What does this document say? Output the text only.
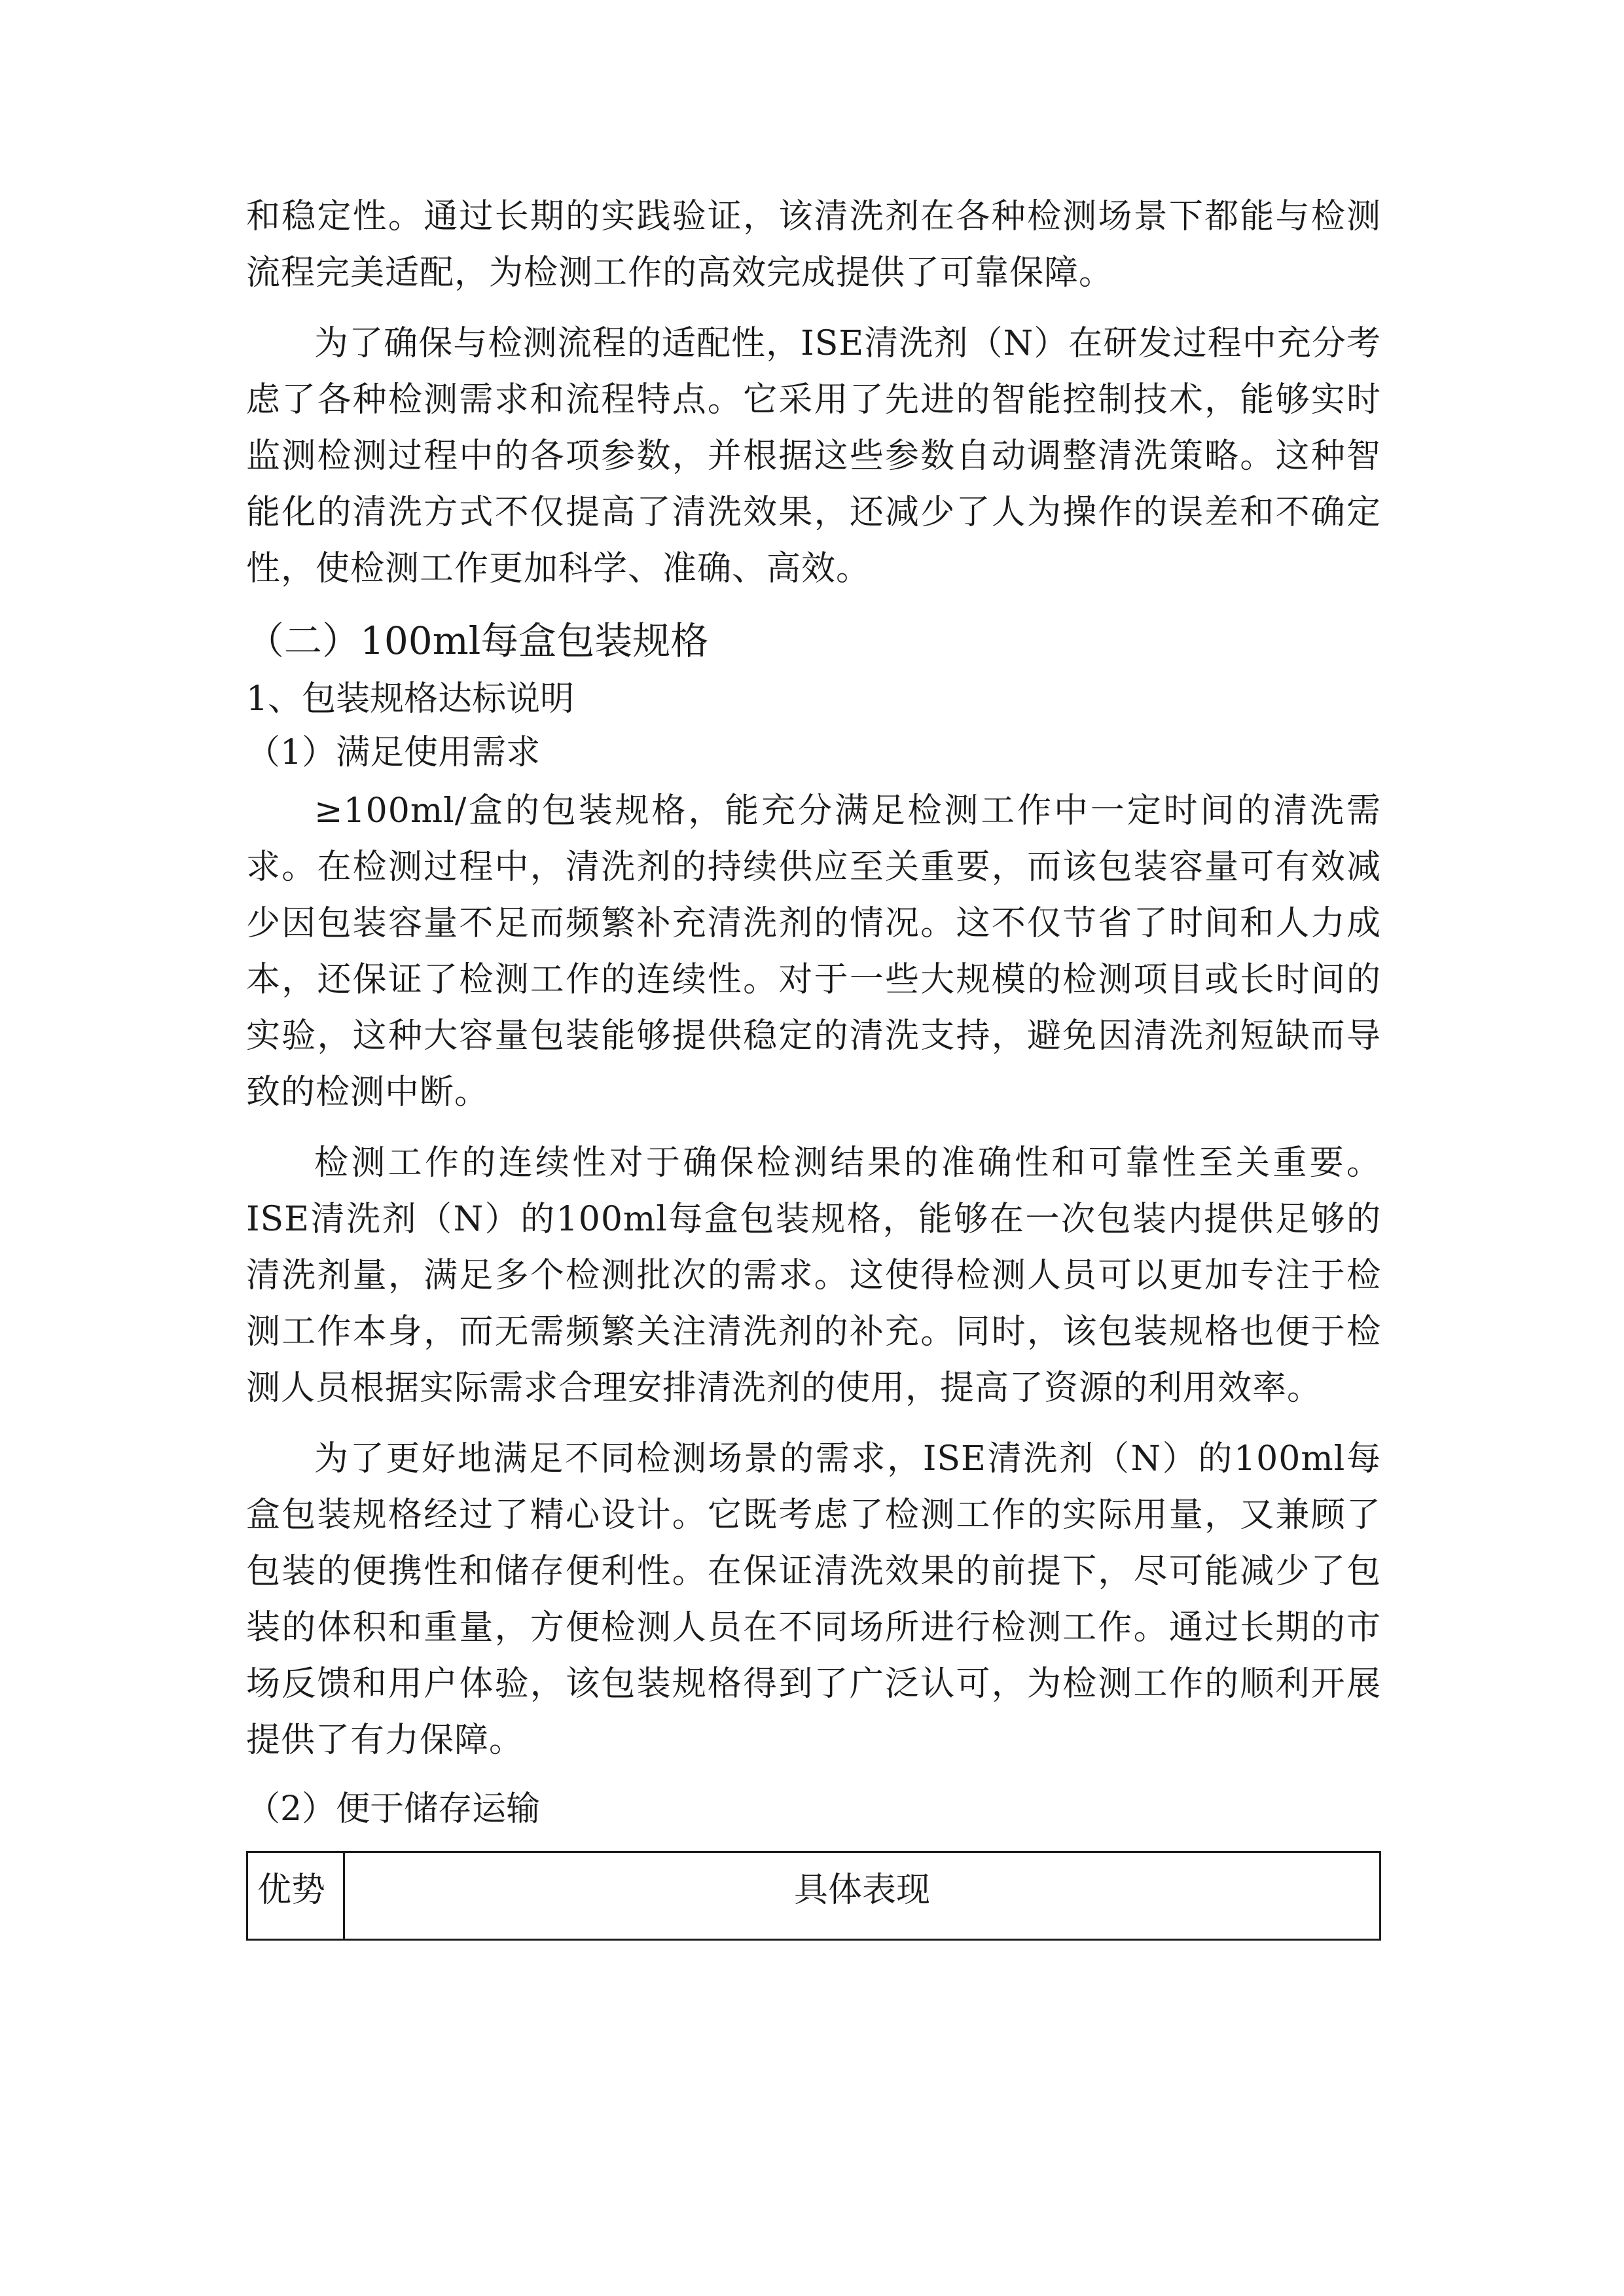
和稳定性。通过长期的实践验证，该清洗剂在各种检测场景下都能与检测流程完美适配，为检测工作的高效完成提供了可靠保障。

为了确保与检测流程的适配性，ISE清洗剂（N）在研发过程中充分考虑了各种检测需求和流程特点。它采用了先进的智能控制技术，能够实时监测检测过程中的各项参数，并根据这些参数自动调整清洗策略。这种智能化的清洗方式不仅提高了清洗效果，还减少了人为操作的误差和不确定性，使检测工作更加科学、准确、高效。

（二）100ml每盒包装规格
1、包装规格达标说明
（1）满足使用需求

≥100ml/盒的包装规格，能充分满足检测工作中一定时间的清洗需求。在检测过程中，清洗剂的持续供应至关重要，而该包装容量可有效减少因包装容量不足而频繁补充清洗剂的情况。这不仅节省了时间和人力成本，还保证了检测工作的连续性。对于一些大规模的检测项目或长时间的实验，这种大容量包装能够提供稳定的清洗支持，避免因清洗剂短缺而导致的检测中断。

检测工作的连续性对于确保检测结果的准确性和可靠性至关重要。ISE清洗剂（N）的100ml每盒包装规格，能够在一次包装内提供足够的清洗剂量，满足多个检测批次的需求。这使得检测人员可以更加专注于检测工作本身，而无需频繁关注清洗剂的补充。同时，该包装规格也便于检测人员根据实际需求合理安排清洗剂的使用，提高了资源的利用效率。

为了更好地满足不同检测场景的需求，ISE清洗剂（N）的100ml每盒包装规格经过了精心设计。它既考虑了检测工作的实际用量，又兼顾了包装的便携性和储存便利性。在保证清洗效果的前提下，尽可能减少了包装的体积和重量，方便检测人员在不同场所进行检测工作。通过长期的市场反馈和用户体验，该包装规格得到了广泛认可，为检测工作的顺利开展提供了有力保障。

（2）便于储存运输
优势	具体表现
